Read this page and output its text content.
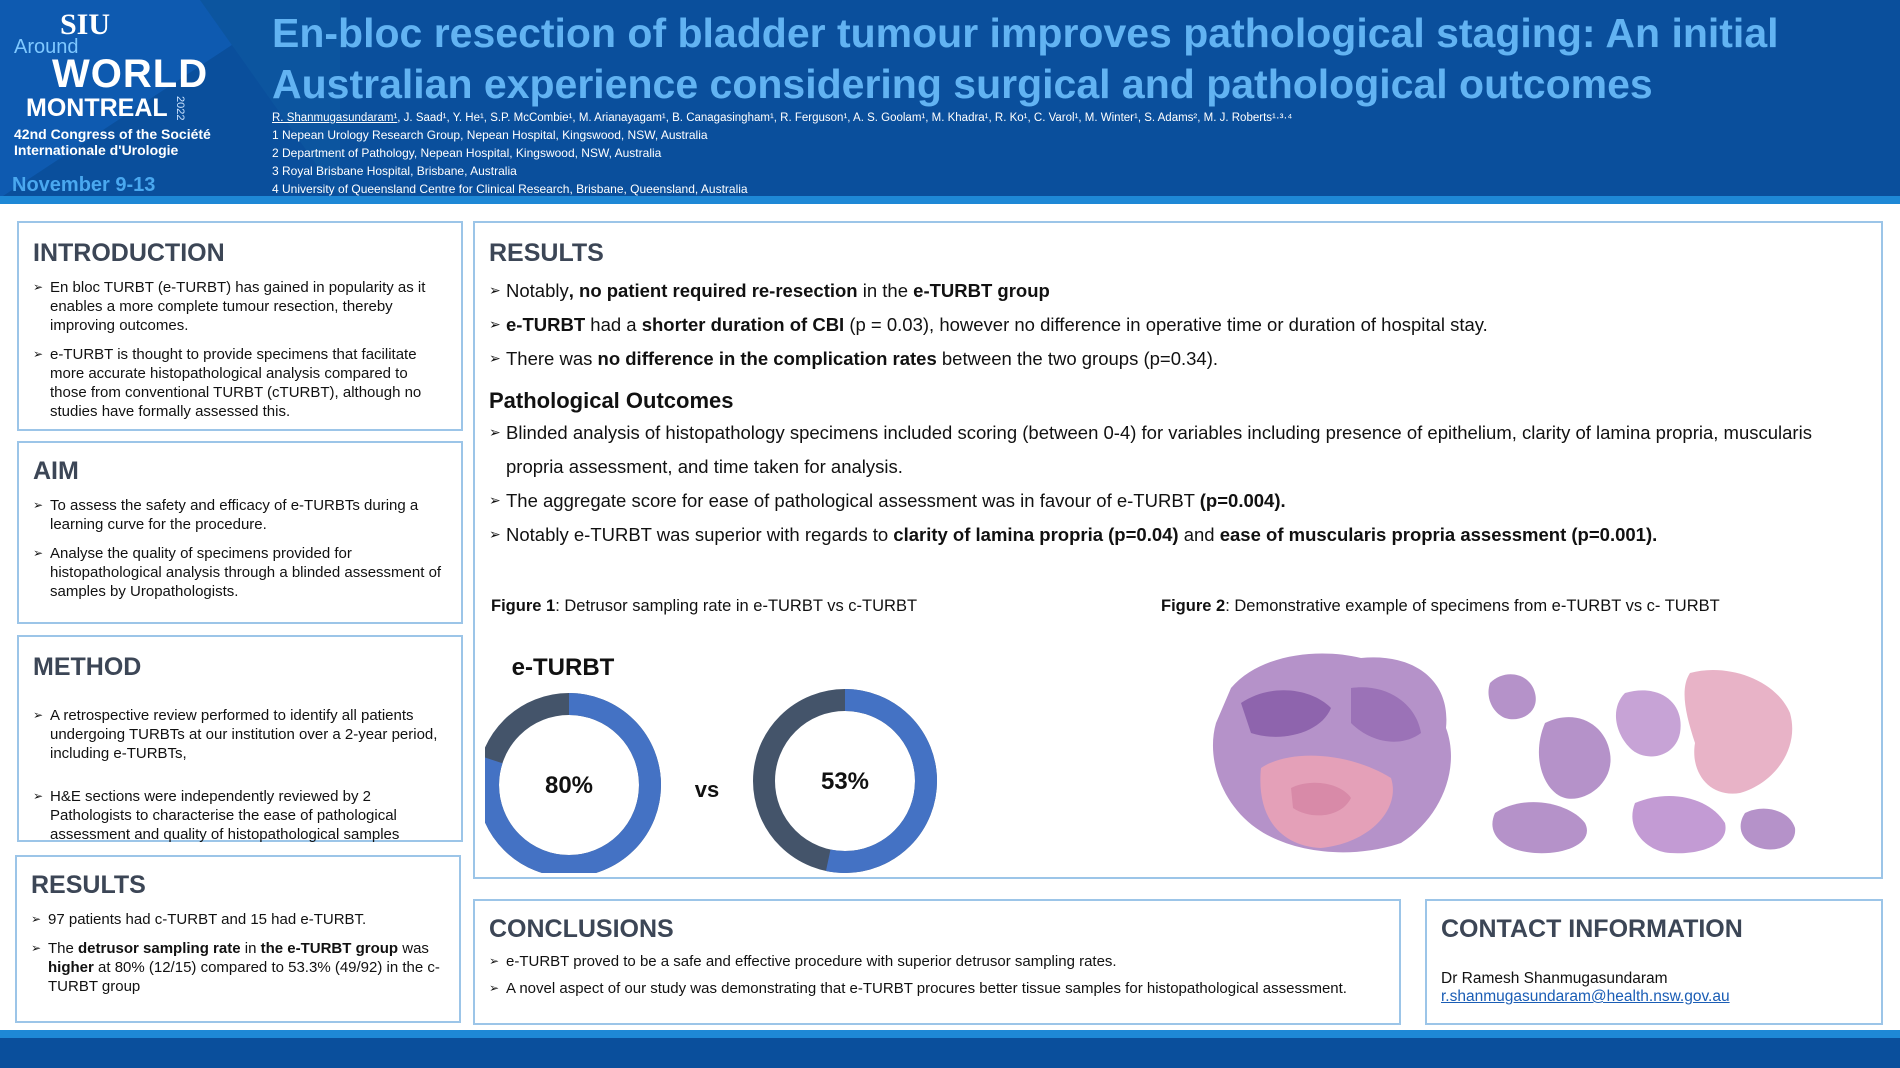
SIU
Around
WORLD
MONTREAL 2022
42nd Congress of the Société Internationale d'Urologie
November 9-13
En-bloc resection of bladder tumour improves pathological staging: An initial Australian experience considering surgical and pathological outcomes
R. Shanmugasundaram¹, J. Saad¹, Y. He¹, S.P. McCombie¹, M. Arianayagam¹, B. Canagasingham¹, R. Ferguson¹, A. S. Goolam¹, M. Khadra¹, R. Ko¹, C. Varol¹, M. Winter¹, S. Adams², M. J. Roberts¹·³·⁴
1 Nepean Urology Research Group, Nepean Hospital, Kingswood, NSW, Australia
2 Department of Pathology, Nepean Hospital, Kingswood, NSW, Australia
3 Royal Brisbane Hospital, Brisbane, Australia
4 University of Queensland Centre for Clinical Research, Brisbane, Queensland, Australia
INTRODUCTION
➢ En bloc TURBT (e-TURBT) has gained in popularity as it enables a more complete tumour resection, thereby improving outcomes.
➢ e-TURBT is thought to provide specimens that facilitate more accurate histopathological analysis compared to those from conventional TURBT (cTURBT), although no studies have formally assessed this.
AIM
➢ To assess the safety and efficacy of e-TURBTs during a learning curve for the procedure.
➢ Analyse the quality of specimens provided for histopathological analysis through a blinded assessment of samples by Uropathologists.
METHOD
➢ A retrospective review performed to identify all patients undergoing TURBTs at our institution over a 2-year period, including e-TURBTs,
➢ H&E sections were independently reviewed by 2 Pathologists to characterise the ease of pathological assessment and quality of histopathological samples
RESULTS
➢ 97 patients had c-TURBT and 15 had e-TURBT.
➢ The detrusor sampling rate in the e-TURBT group was higher at 80% (12/15) compared to 53.3% (49/92) in the c-TURBT group
RESULTS
➢ Notably, no patient required re-resection in the e-TURBT group
➢ e-TURBT had a shorter duration of CBI (p = 0.03), however no difference in operative time or duration of hospital stay.
➢ There was no difference in the complication rates between the two groups (p=0.34).
Pathological Outcomes
➢ Blinded analysis of histopathology specimens included scoring (between 0-4) for variables including presence of epithelium, clarity of lamina propria, muscularis propria assessment, and time taken for analysis.
➢ The aggregate score for ease of pathological assessment was in favour of e-TURBT (p=0.004).
➢ Notably e-TURBT was superior with regards to clarity of lamina propria (p=0.04) and ease of muscularis propria assessment (p=0.001).
Figure 1: Detrusor sampling rate in e-TURBT vs c-TURBT	Figure 2: Demonstrative example of specimens from e-TURBT vs c- TURBT
e-TURBT
vs
80%	53%
CONCLUSIONS
➢ e-TURBT proved to be a safe and effective procedure with superior detrusor sampling rates.
➢ A novel aspect of our study was demonstrating that e-TURBT procures better tissue samples for histopathological assessment.
CONTACT INFORMATION
Dr Ramesh Shanmugasundaram
r.shanmugasundaram@health.nsw.gov.au
